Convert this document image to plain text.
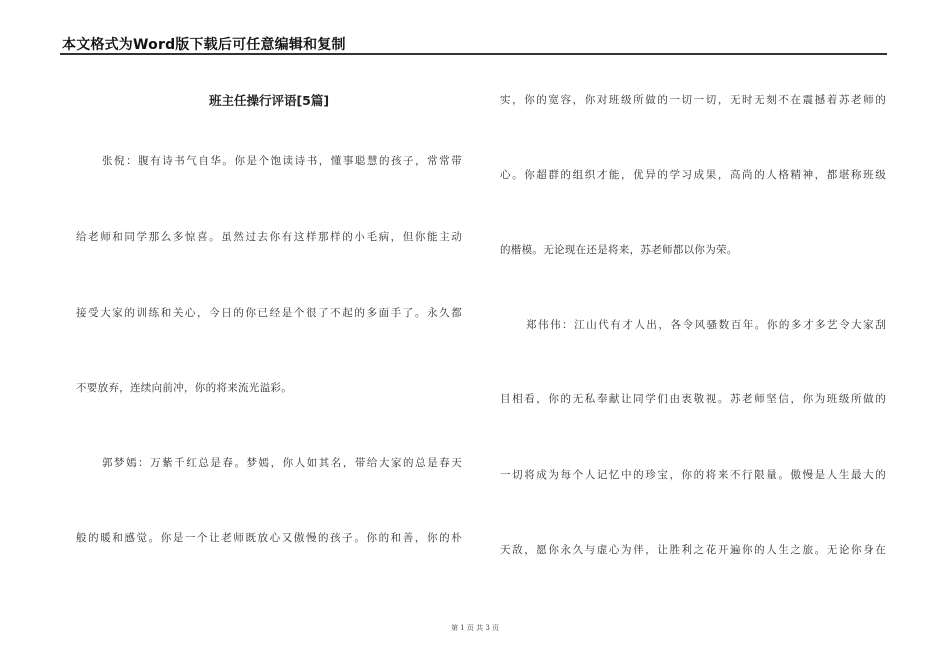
本文格式为Word版下载后可任意编辑和复制
班主任操行评语[5篇]
张倪：腹有诗书气自华。你是个饱读诗书，懂事聪慧的孩子，常常带
给老师和同学那么多惊喜。虽然过去你有这样那样的小毛病，但你能主动
接受大家的训练和关心，今日的你已经是个很了不起的多面手了。永久都
不要放弃，连续向前冲，你的将来流光溢彩。
郭梦嫣：万紫千红总是春。梦嫣，你人如其名，带给大家的总是春天
般的暖和感觉。你是一个让老师既放心又傲慢的孩子。你的和善，你的朴
实，你的宽容，你对班级所做的一切一切，无时无刻不在震撼着苏老师的
心。你超群的组织才能，优异的学习成果，高尚的人格精神，都堪称班级
的楷模。无论现在还是将来，苏老师都以你为荣。
郑伟伟：江山代有才人出，各令风骚数百年。你的多才多艺令大家刮
目相看，你的无私奉献让同学们由衷敬视。苏老师坚信，你为班级所做的
一切将成为每个人记忆中的珍宝，你的将来不行限量。傲慢是人生最大的
天敌，愿你永久与虚心为伴，让胜利之花开遍你的人生之旅。无论你身在
第 1 页 共 3 页
